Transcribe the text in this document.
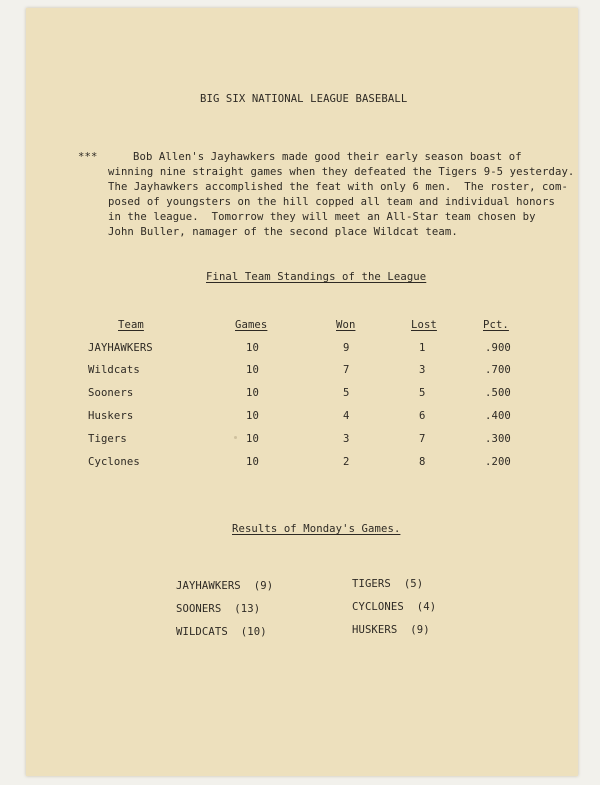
BIG SIX NATIONAL LEAGUE BASEBALL
***	Bob Allen's Jayhawkers made good their early season boast of
winning nine straight games when they defeated the Tigers 9-5 yesterday.
The Jayhawkers accomplished the feat with only 6 men.  The roster, com-
posed of youngsters on the hill copped all team and individual honors
in the league.  Tomorrow they will meet an All-Star team chosen by
John Buller, namager of the second place Wildcat team.
Final Team Standings of the League
Team	Games	Won	Lost	Pct.
JAYHAWKERS	10	9	1	.900
Wildcats	10	7	3	.700
Sooners	10	5	5	.500
Huskers	10	4	6	.400
Tigers	10	3	7	.300
Cyclones	10	2	8	.200
Results of Monday's Games.
JAYHAWKERS  (9)	TIGERS  (5)
SOONERS  (13)	CYCLONES  (4)
WILDCATS  (10)	HUSKERS  (9)
